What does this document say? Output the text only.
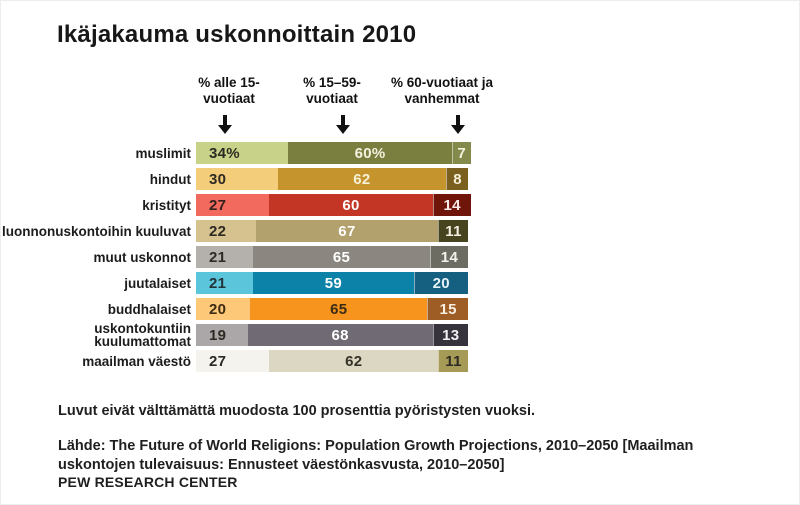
Ikäjakauma uskonnoittain 2010
% alle 15-
vuotiaat
% 15–59-
vuotiaat
% 60-vuotiaat ja
vanhemmat
muslimit 34%	60%	7
hindut 30	62	8
kristityt 27	60	14
luonnonuskontoihin kuuluvat 22	67	11
muut uskonnot 21	65	14
juutalaiset 21	59	20
buddhalaiset 20	65	15
uskontokuntiin kuulumattomat 19	68	13
maailman väestö 27	62	11
Luvut eivät välttämättä muodosta 100 prosenttia pyöristysten vuoksi.
Lähde: The Future of World Religions: Population Growth Projections, 2010–2050 [Maailman
uskontojen tulevaisuus: Ennusteet väestönkasvusta, 2010–2050]
PEW RESEARCH CENTER
